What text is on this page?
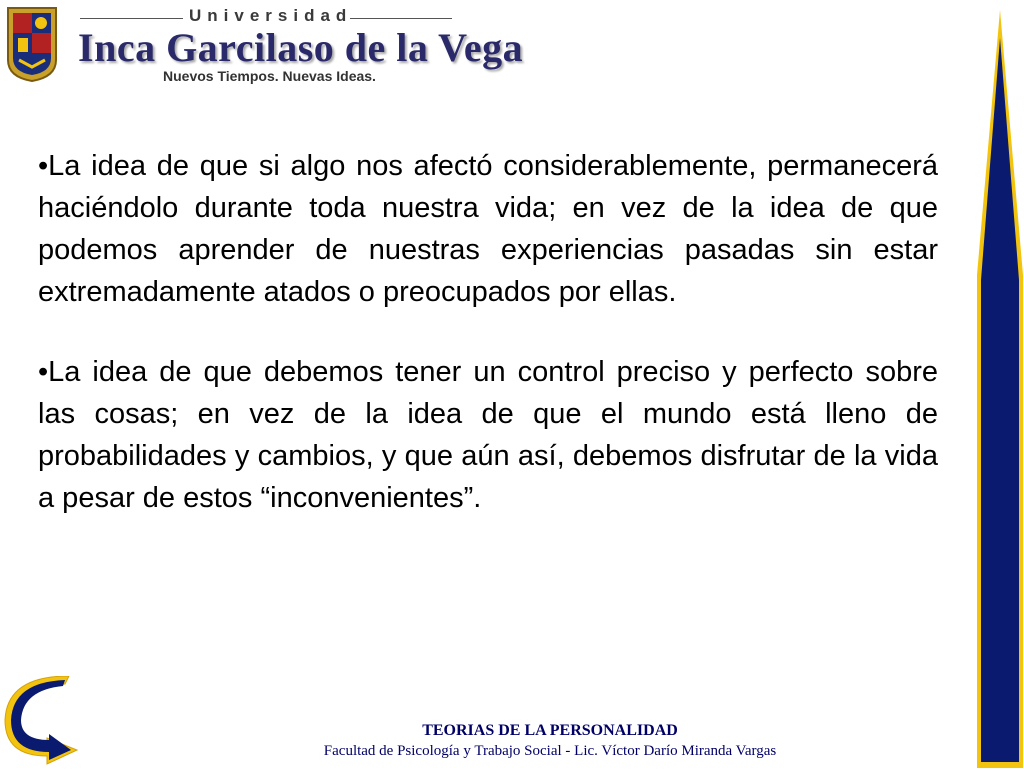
Universidad
Inca Garcilaso de la Vega
Nuevos Tiempos. Nuevas Ideas.

•La idea de que si algo nos afectó considerablemente, permanecerá haciéndolo durante toda nuestra vida; en vez de la idea de que podemos aprender de nuestras experiencias pasadas sin estar extremadamente atados o preocupados por ellas.

•La idea de que debemos tener un control preciso y perfecto sobre las cosas; en vez de la idea de que el mundo está lleno de probabilidades y cambios, y que aún así, debemos disfrutar de la vida a pesar de estos “inconvenientes”.

TEORIAS DE LA PERSONALIDAD
Facultad de Psicología y Trabajo Social - Lic. Víctor Darío Miranda Vargas
